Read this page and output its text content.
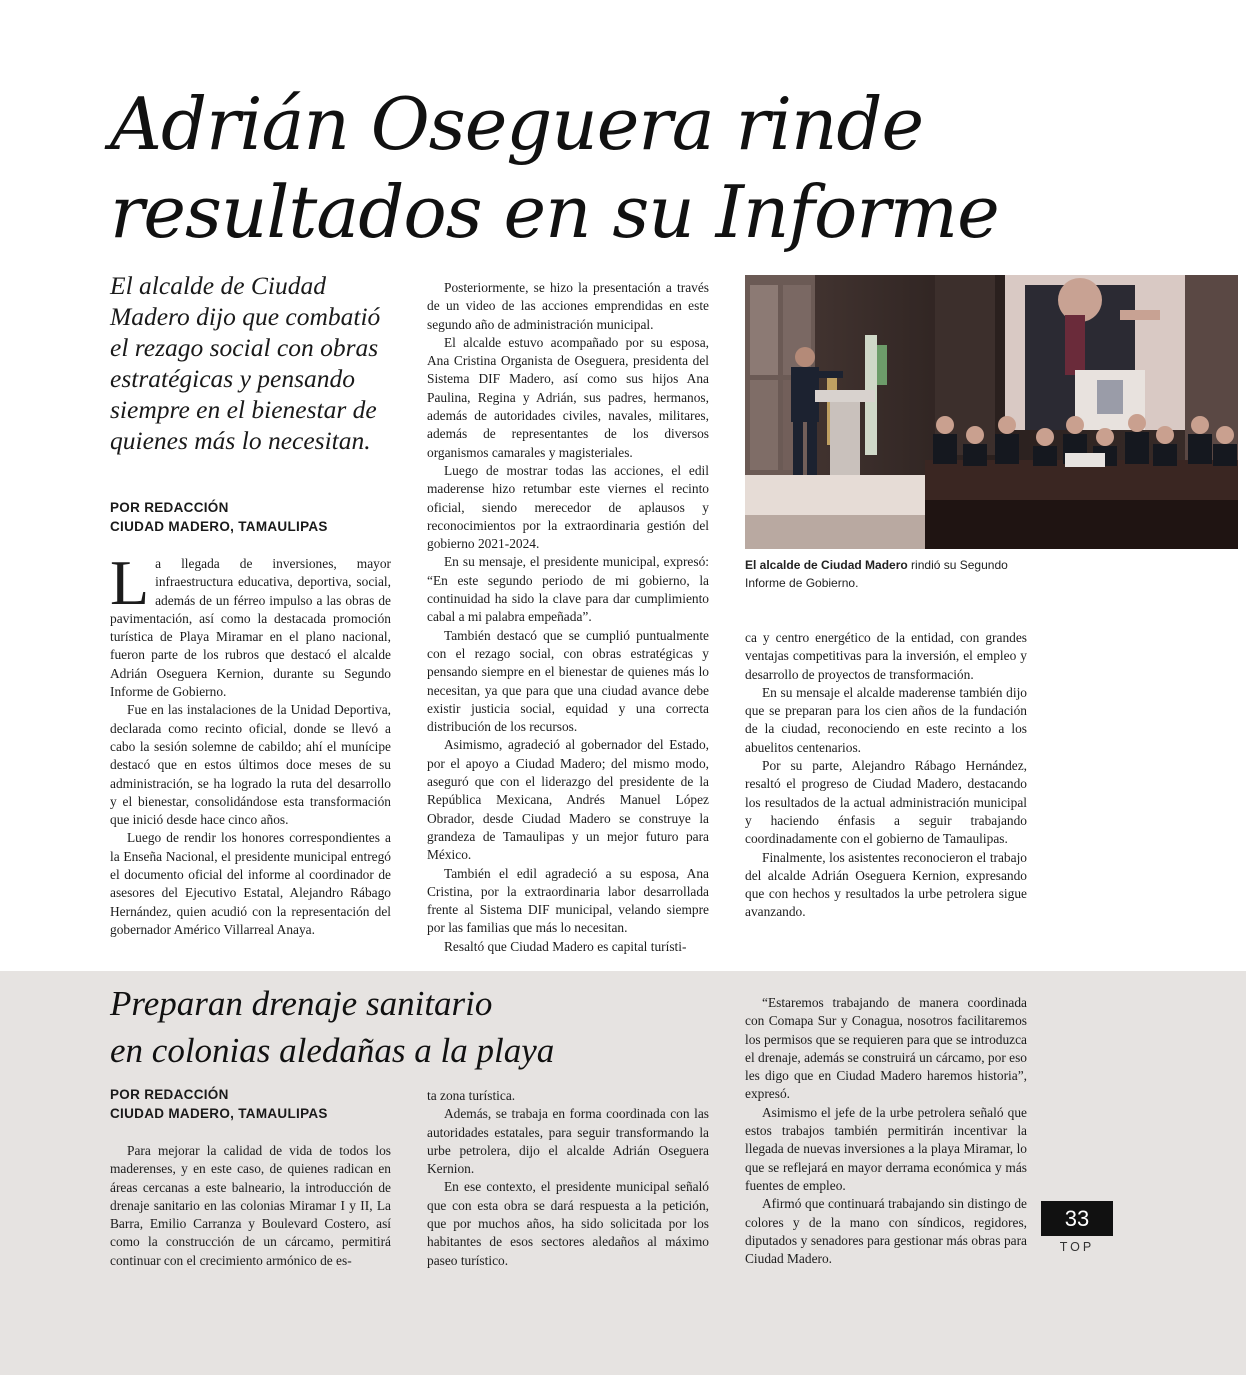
Adrián Oseguera rinde
resultados en su Informe

El alcalde de Ciudad Madero dijo que combatió el rezago social con obras estratégicas y pensando siempre en el bienestar de quienes más lo necesitan.

POR REDACCIÓN
CIUDAD MADERO, TAMAULIPAS

La llegada de inversiones, mayor infraestructura educativa, deportiva, social, además de un férreo impulso a las obras de pavimentación, así como la destacada promoción turística de Playa Miramar en el plano nacional, fueron parte de los rubros que destacó el alcalde Adrián Oseguera Kernion, durante su Segundo Informe de Gobierno.

Fue en las instalaciones de la Unidad Deportiva, declarada como recinto oficial, donde se llevó a cabo la sesión solemne de cabildo; ahí el munícipe destacó que en estos últimos doce meses de su administración, se ha logrado la ruta del desarrollo y el bienestar, consolidándose esta transformación que inició desde hace cinco años.

Luego de rendir los honores correspondientes a la Enseña Nacional, el presidente municipal entregó el documento oficial del informe al coordinador de asesores del Ejecutivo Estatal, Alejandro Rábago Hernández, quien acudió con la representación del gobernador Américo Villarreal Anaya.

Posteriormente, se hizo la presentación a través de un video de las acciones emprendidas en este segundo año de administración municipal.

El alcalde estuvo acompañado por su esposa, Ana Cristina Organista de Oseguera, presidenta del Sistema DIF Madero, así como sus hijos Ana Paulina, Regina y Adrián, sus padres, hermanos, además de autoridades civiles, navales, militares, además de representantes de los diversos organismos camarales y magisteriales.

Luego de mostrar todas las acciones, el edil maderense hizo retumbar este viernes el recinto oficial, siendo merecedor de aplausos y reconocimientos por la extraordinaria gestión del gobierno 2021-2024.

En su mensaje, el presidente municipal, expresó: “En este segundo periodo de mi gobierno, la continuidad ha sido la clave para dar cumplimiento cabal a mi palabra empeñada”.

También destacó que se cumplió puntualmente con el rezago social, con obras estratégicas y pensando siempre en el bienestar de quienes más lo necesitan, ya que para que una ciudad avance debe existir justicia social, equidad y una correcta distribución de los recursos.

Asimismo, agradeció al gobernador del Estado, por el apoyo a Ciudad Madero; del mismo modo, aseguró que con el liderazgo del presidente de la República Mexicana, Andrés Manuel López Obrador, desde Ciudad Madero se construye la grandeza de Tamaulipas y un mejor futuro para México.

También el edil agradeció a su esposa, Ana Cristina, por la extraordinaria labor desarrollada frente al Sistema DIF municipal, velando siempre por las familias que más lo necesitan.

Resaltó que Ciudad Madero es capital turísti-

El alcalde de Ciudad Madero rindió su Segundo Informe de Gobierno.

ca y centro energético de la entidad, con grandes ventajas competitivas para la inversión, el empleo y desarrollo de proyectos de transformación.

En su mensaje el alcalde maderense también dijo que se preparan para los cien años de la fundación de la ciudad, reconociendo en este recinto a los abuelitos centenarios.

Por su parte, Alejandro Rábago Hernández, resaltó el progreso de Ciudad Madero, destacando los resultados de la actual administración municipal y haciendo énfasis a seguir trabajando coordinadamente con el gobierno de Tamaulipas.

Finalmente, los asistentes reconocieron el trabajo del alcalde Adrián Oseguera Kernion, expresando que con hechos y resultados la urbe petrolera sigue avanzando.

Preparan drenaje sanitario
en colonias aledañas a la playa
POR REDACCIÓN
CIUDAD MADERO, TAMAULIPAS

Para mejorar la calidad de vida de todos los maderenses, y en este caso, de quienes radican en áreas cercanas a este balneario, la introducción de drenaje sanitario en las colonias Miramar I y II, La Barra, Emilio Carranza y Boulevard Costero, así como la construcción de un cárcamo, permitirá continuar con el crecimiento armónico de es-

ta zona turística.

Además, se trabaja en forma coordinada con las autoridades estatales, para seguir transformando la urbe petrolera, dijo el alcalde Adrián Oseguera Kernion.

En ese contexto, el presidente municipal señaló que con esta obra se dará respuesta a la petición, que por muchos años, ha sido solicitada por los habitantes de esos sectores aledaños al máximo paseo turístico.

“Estaremos trabajando de manera coordinada con Comapa Sur y Conagua, nosotros facilitaremos los permisos que se requieren para que se introduzca el drenaje, además se construirá un cárcamo, por eso les digo que en Ciudad Madero haremos historia”, expresó.

Asimismo el jefe de la urbe petrolera señaló que estos trabajos también permitirán incentivar la llegada de nuevas inversiones a la playa Miramar, lo que se reflejará en mayor derrama económica y más fuentes de empleo.

Afirmó que continuará trabajando sin distingo de colores y de la mano con síndicos, regidores, diputados y senadores para gestionar más obras para Ciudad Madero.

33
TOP
